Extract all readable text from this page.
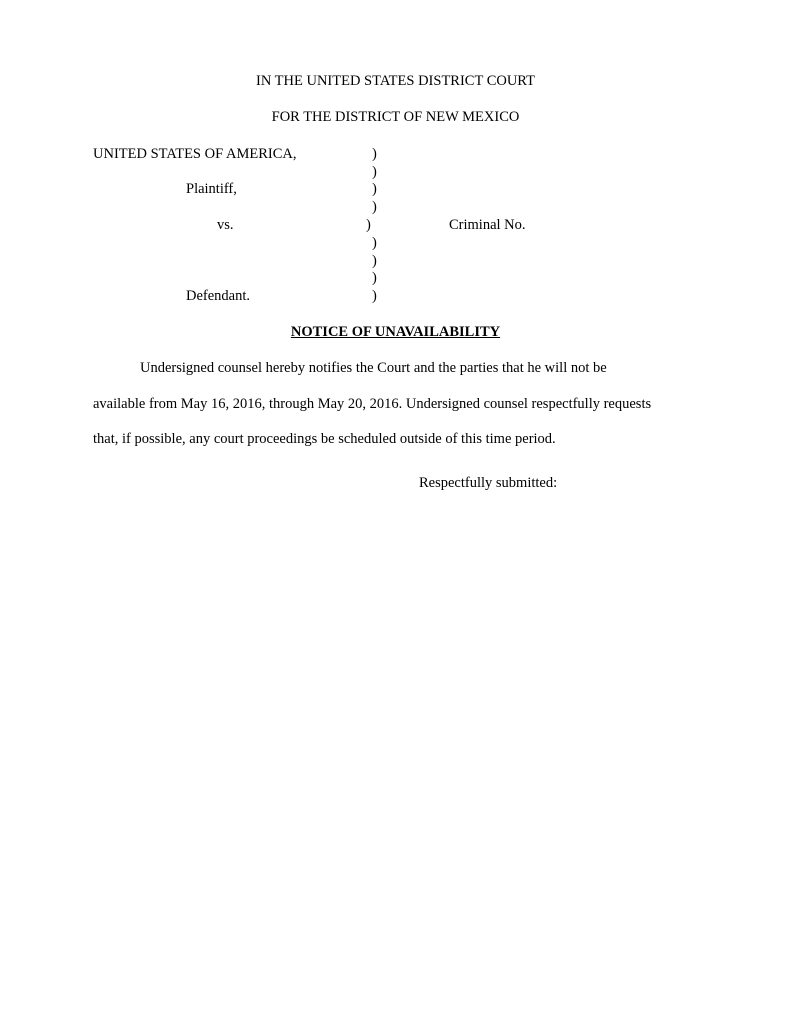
IN THE UNITED STATES DISTRICT COURT
FOR THE DISTRICT OF NEW MEXICO
UNITED STATES OF AMERICA,
Plaintiff,
vs.
Defendant.
)
)
)
)
)
)
)
)
)
Criminal No.
NOTICE OF UNAVAILABILITY
Undersigned counsel hereby notifies the Court and the parties that he will not be
available from May 16, 2016, through May 20, 2016. Undersigned counsel respectfully requests
that, if possible, any court proceedings be scheduled outside of this time period.
Respectfully submitted:
